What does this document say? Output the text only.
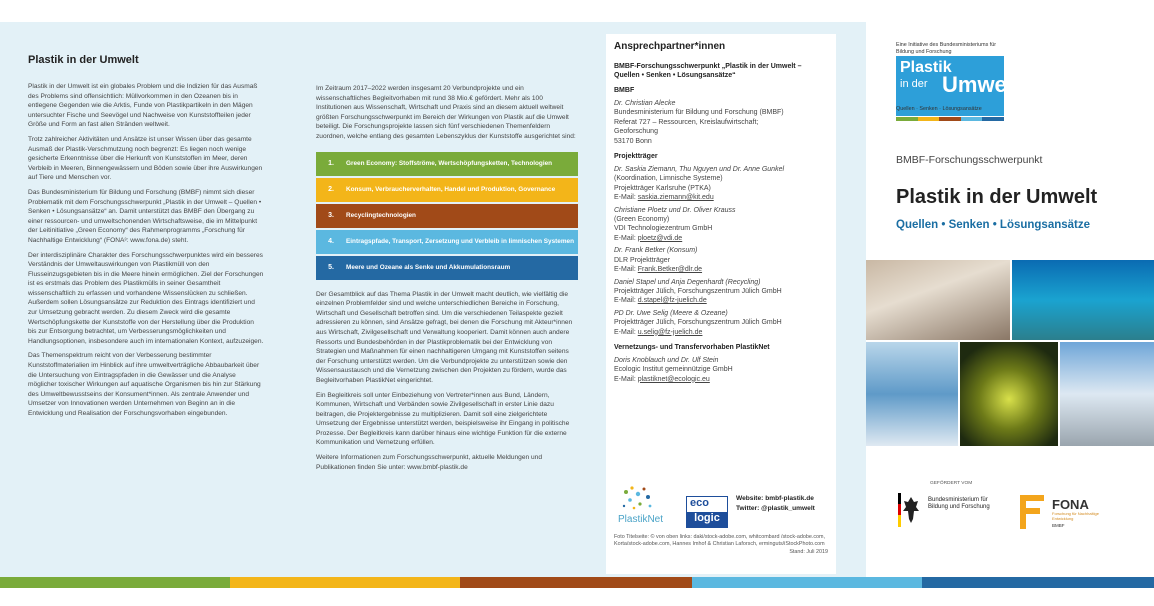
Plastik in der Umwelt

Plastik in der Umwelt ist ein globales Problem und die Indizien für das Ausmaß des Problems sind offensichtlich: Müllvorkommen in den Ozeanen bis in entlegene Gegenden wie die Arktis, Funde von Plastikpartikeln in den Mägen untersuchter Fische und Seevögel und Nachweise von Kunststoffteilen jeder Größe und Form an fast allen Stränden weltweit.

Trotz zahlreicher Aktivitäten und Ansätze ist unser Wissen über das gesamte Ausmaß der Plastik-Verschmutzung noch begrenzt: Es liegen noch wenige gesicherte Erkenntnisse über die Herkunft von Kunststoffen im Meer, deren Verbleib in Meeren, Binnengewässern und Böden sowie über ihre Auswirkungen auf Tiere und Menschen vor.

Das Bundesministerium für Bildung und Forschung (BMBF) nimmt sich dieser Problematik mit dem Forschungsschwerpunkt „Plastik in der Umwelt – Quellen • Senken • Lösungsansätze“ an. Damit unterstützt das BMBF den Übergang zu einer ressourcen- und umweltschonenden Wirtschaftsweise, die im Mittelpunkt der Leitinitiative „Green Economy“ des Rahmenprogramms „Forschung für Nachhaltige Entwicklung“ (FONA³: www.fona.de) steht.

Der interdisziplinäre Charakter des Forschungsschwerpunktes wird ein besseres Verständnis der Umweltauswirkungen von Plastikmüll von den Flusseinzugsgebieten bis in die Meere hinein ermöglichen. Ziel der Forschungen ist es erstmals das Problem des Plastikmülls in seiner Gesamtheit wissenschaftlich zu erfassen und vorhandene Wissenslücken zu schließen. Außerdem sollen Lösungsansätze zur Reduktion des Eintrags identifiziert und zur Umsetzung gebracht werden. Zu diesem Zweck wird die gesamte Wertschöpfungskette der Kunststoffe von der Herstellung über die Produktion bis zur Entsorgung betrachtet, um Verbesserungsmöglichkeiten und Handlungsoptionen, insbesondere auch im internationalen Kontext, aufzuzeigen.

Das Themenspektrum reicht von der Verbesserung bestimmter Kunststoffmaterialien im Hinblick auf ihre umweltverträgliche Abbaubarkeit über die Untersuchung von Eintragspfaden in die Gewässer und die Analyse möglicher toxischer Wirkungen auf aquatische Organismen bis hin zur Stärkung des Umweltbewusstseins der Konsument*innen. Als zentrale Anwender und Umsetzer von Innovationen werden Unternehmen von Beginn an in die Entwicklung und Realisation der Forschungsvorhaben eingebunden.

Im Zeitraum 2017–2022 werden insgesamt 20 Verbundprojekte und ein wissenschaftliches Begleitvorhaben mit rund 38 Mio.€ gefördert. Mehr als 100 Institutionen aus Wissenschaft, Wirtschaft und Praxis sind an diesem aktuell weltweit größten Forschungsschwerpunkt im Bereich der Wirkungen von Plastik auf die Umwelt beteiligt. Die Forschungsprojekte lassen sich fünf verschiedenen Themenfeldern zuordnen, welche entlang des gesamten Lebenszyklus der Kunststoffe ausgerichtet sind:

1.	Green Economy: Stoffströme, Wertschöpfungsketten, Technologien
2.	Konsum, Verbraucherverhalten, Handel und Produktion, Governance
3.	Recyclingtechnologien
4.	Eintragspfade, Transport, Zersetzung und Verbleib in limnischen Systemen
5.	Meere und Ozeane als Senke und Akkumulationsraum

Der Gesamtblick auf das Thema Plastik in der Umwelt macht deutlich, wie vielfältig die einzelnen Problemfelder sind und welche unterschiedlichen Bereiche in Forschung, Wirtschaft und Gesellschaft betroffen sind. Um die verschiedenen Teilaspekte gezielt adressieren zu können, sind Ansätze gefragt, bei denen die Forschung mit Akteur*innen aus Wirtschaft, Zivilgesellschaft und Verwaltung kooperiert. Damit können auch andere Ressorts und Bundesbehörden in der Plastikproblematik bei der Entwicklung von Strategien und Maßnahmen für einen nachhaltigeren Umgang mit Kunststoffen seitens der Forschung unterstützt werden. Um die Verbundprojekte zu unterstützen sowie den Wissensaustausch und die Vernetzung zwischen den Projekten zu fördern, wurde das Begleitvorhaben PlastikNet eingerichtet.

Ein Begleitkreis soll unter Einbeziehung von Vertreter*innen aus Bund, Ländern, Kommunen, Wirtschaft und Verbänden sowie Zivilgesellschaft in erster Linie dazu beitragen, die Projektergebnisse zu multiplizieren. Damit soll eine zielgerichtete Umsetzung der Ergebnisse unterstützt werden, beispielsweise ihr Eingang in politische Prozesse. Der Begleitkreis kann darüber hinaus eine wichtige Funktion für die externe Kommunikation und Vernetzung erfüllen.

Weitere Informationen zum Forschungsschwerpunkt, aktuelle Meldungen und Publikationen finden Sie unter: www.bmbf-plastik.de

Ansprechpartner*innen
BMBF-Forschungsschwerpunkt „Plastik in der Umwelt – Quellen • Senken • Lösungsansätze“
BMBF
Dr. Christian Alecke
Bundesministerium für Bildung und Forschung (BMBF)
Referat 727 – Ressourcen, Kreislaufwirtschaft;
Geoforschung
53170 Bonn
Projektträger
Dr. Saskia Ziemann, Thu Nguyen und Dr. Anne Gunkel
(Koordination, Limnische Systeme)
Projektträger Karlsruhe (PTKA)
E-Mail: saskia.ziemann@kit.edu
Christiane Ploetz und Dr. Oliver Krauss
(Green Economy)
VDI Technologiezentrum GmbH
E-Mail: ploetz@vdi.de
Dr. Frank Betker (Konsum)
DLR Projektträger
E-Mail: Frank.Betker@dlr.de
Daniel Stapel und Anja Degenhardt (Recycling)
Projektträger Jülich, Forschungszentrum Jülich GmbH
E-Mail: d.stapel@fz-juelich.de
PD Dr. Uwe Selig (Meere & Ozeane)
Projektträger Jülich, Forschungszentrum Jülich GmbH
E-Mail: u.selig@fz-juelich.de
Vernetzungs- und Transfervorhaben PlastikNet
Doris Knoblauch und Dr. Ulf Stein
Ecologic Institut gemeinnützige GmbH
E-Mail: plastiknet@ecologic.eu
PlastikNet
eco
logic
Website: bmbf-plastik.de
Twitter: @plastik_umwelt
Foto Titelseite: © von oben links: daki/stock-adobe.com, whitcombard /stock-adobe.com, Korta/stock-adobe.com, Hannes Imhof & Christian Laforsch, erminguts/iStockPhoto.com
Stand: Juli 2019
Eine Initiative des Bundesministeriums für Bildung und Forschung
Plastik
in der Umwelt
Quellen · Senken · Lösungsansätze
BMBF-Forschungsschwerpunkt
Plastik in der Umwelt
Quellen • Senken • Lösungsansätze
GEFÖRDERT VOM
Bundesministerium für Bildung und Forschung	FONA
Forschung für Nachhaltige Entwicklung
BMBF
